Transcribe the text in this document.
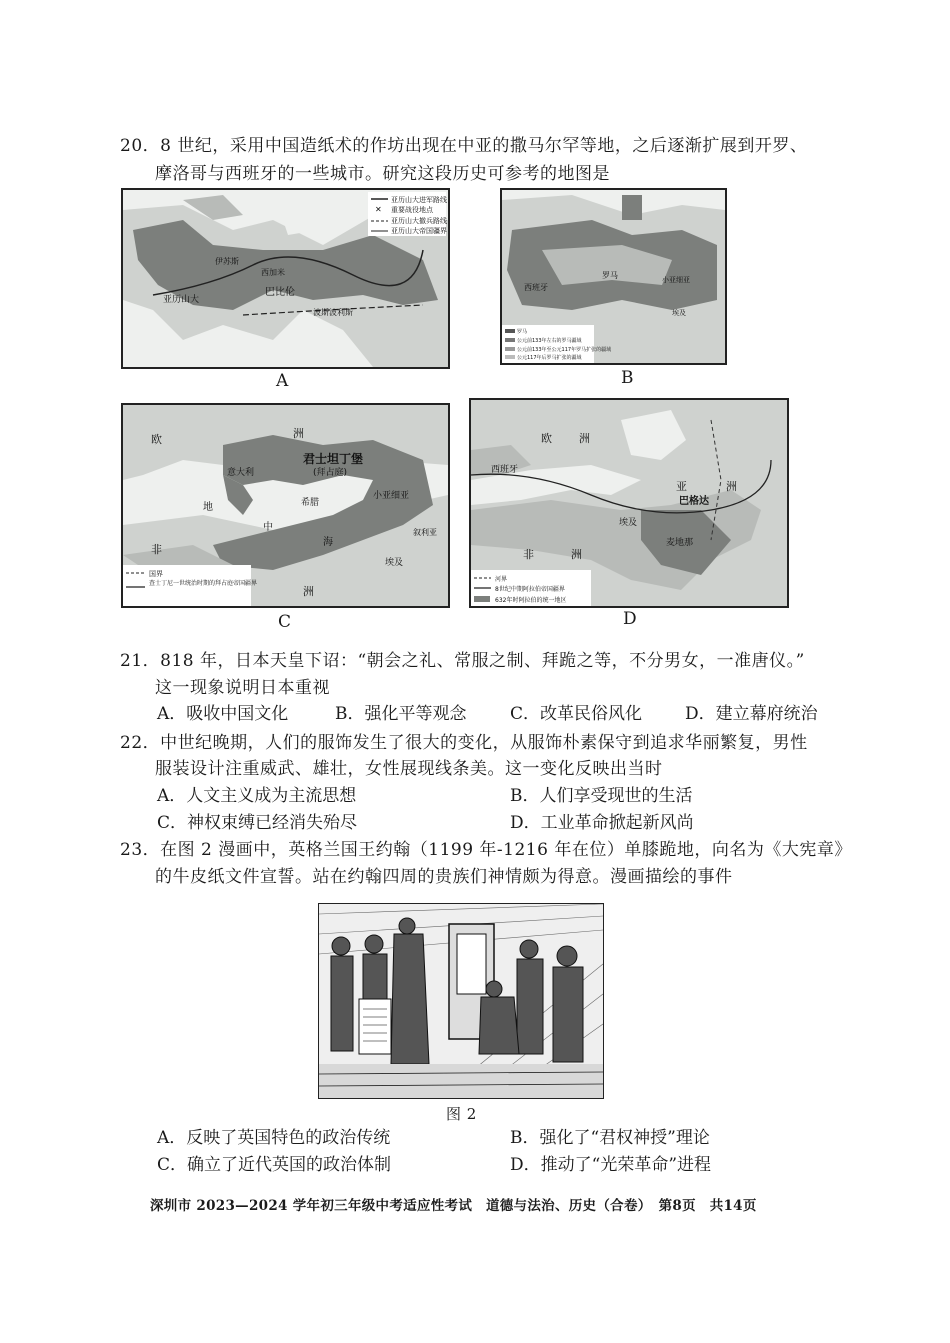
20．8 世纪，采用中国造纸术的作坊出现在中亚的撒马尔罕等地，之后逐渐扩展到开罗、
摩洛哥与西班牙的一些城市。研究这段历史可参考的地图是
亚历山大进军路线
✕ 重要战役地点
亚历山大撤兵路线
亚历山大帝国疆界
巴比伦
亚历山大
波斯波利斯
西加米
伊苏斯
A
罗马
公元前133年左右的罗马疆域
公元前133年至公元117年罗马扩张的疆域
公元117年后罗马扩张的疆域
罗马
西班牙
小亚细亚
埃及
B
国界
查士丁尼一世统治时期的拜占庭帝国疆界
欧	洲
君士坦丁堡
(拜占庭)
小亚细亚
意大利
希腊
地
中
海
叙利亚
埃及
非
洲
C
河界
8世纪中期阿拉伯帝国疆界
632年时阿拉伯的统一地区
欧 洲
西班牙
亚	洲
巴格达
埃及
麦地那
非	洲
D
21．818 年，日本天皇下诏：“朝会之礼、常服之制、拜跪之等，不分男女，一准唐仪。”
这一现象说明日本重视
A．吸收中国文化	B．强化平等观念	C．改革民俗风化	D．建立幕府统治
22．中世纪晚期，人们的服饰发生了很大的变化，从服饰朴素保守到追求华丽繁复，男性
服装设计注重威武、雄壮，女性展现线条美。这一变化反映出当时
A．人文主义成为主流思想	B．人们享受现世的生活
C．神权束缚已经消失殆尽	D．工业革命掀起新风尚
23．在图 2 漫画中，英格兰国王约翰（1199 年-1216 年在位）单膝跪地，向名为《大宪章》
的牛皮纸文件宣誓。站在约翰四周的贵族们神情颇为得意。漫画描绘的事件
图 2
A．反映了英国特色的政治传统	B．强化了“君权神授”理论
C．确立了近代英国的政治体制	D．推动了“光荣革命”进程
深圳市 2023—2024 学年初三年级中考适应性考试　道德与法治、历史（合卷）　第8页　共14页
